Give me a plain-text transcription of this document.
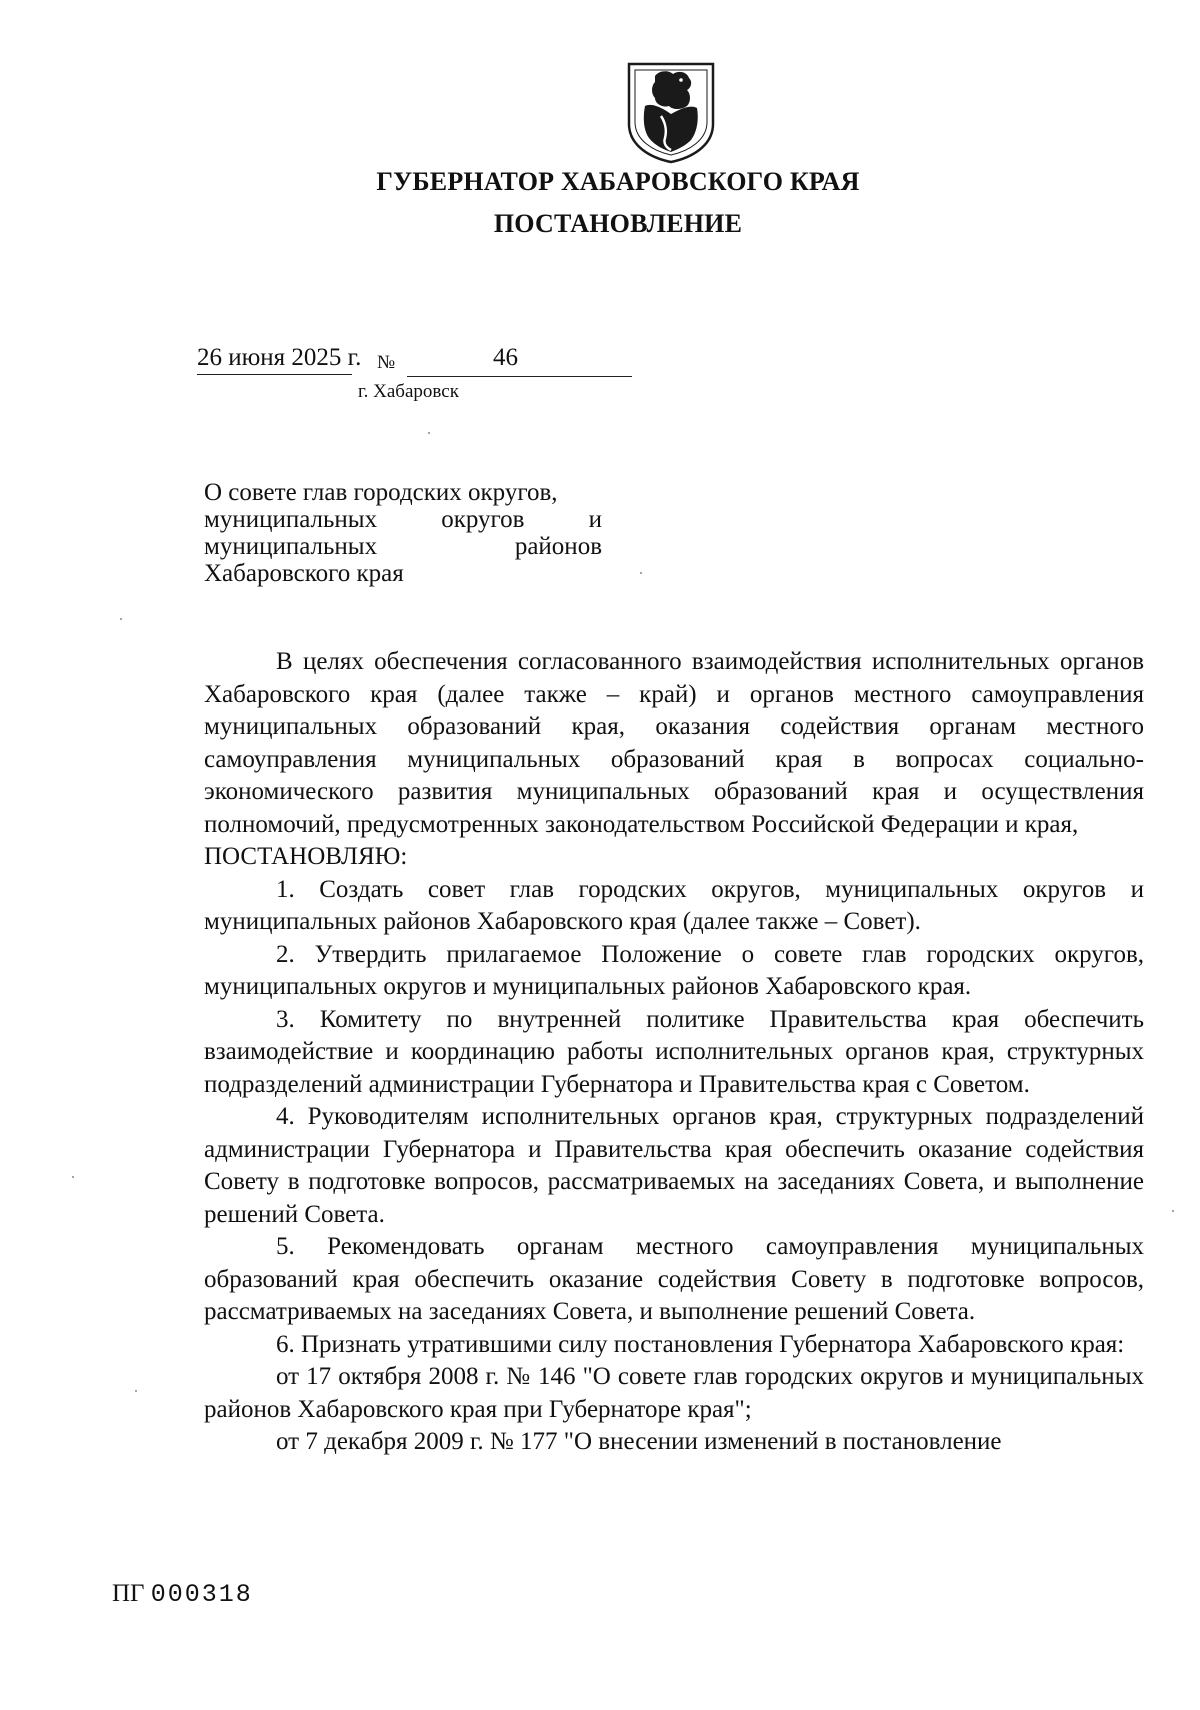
ГУБЕРНАТОР ХАБАРОВСКОГО КРАЯ
ПОСТАНОВЛЕНИЕ
26 июня 2025 г. №	46
г. Хабаровск
О совете глав городских округов,
муниципальных округов и
муниципальных районов
Хабаровского края

В целях обеспечения согласованного взаимодействия исполнительных органов Хабаровского края (далее также – край) и органов местного самоуправления муниципальных образований края, оказания содействия органам местного самоуправления муниципальных образований края в вопросах социально-экономического развития муниципальных образований края и осуществления полномочий, предусмотренных законодательством Российской Федерации и края,

ПОСТАНОВЛЯЮ:

1. Создать совет глав городских округов, муниципальных округов и муниципальных районов Хабаровского края (далее также – Совет).

2. Утвердить прилагаемое Положение о совете глав городских округов, муниципальных округов и муниципальных районов Хабаровского края.

3. Комитету по внутренней политике Правительства края обеспечить взаимодействие и координацию работы исполнительных органов края, структурных подразделений администрации Губернатора и Правительства края с Советом.

4. Руководителям исполнительных органов края, структурных подразделений администрации Губернатора и Правительства края обеспечить оказание содействия Совету в подготовке вопросов, рассматриваемых на заседаниях Совета, и выполнение решений Совета.

5. Рекомендовать органам местного самоуправления муниципальных образований края обеспечить оказание содействия Совету в подготовке вопросов, рассматриваемых на заседаниях Совета, и выполнение решений Совета.

6. Признать утратившими силу постановления Губернатора Хабаровского края:

от 17 октября 2008 г. № 146 "О совете глав городских округов и муниципальных районов Хабаровского края при Губернаторе края";

от 7 декабря 2009 г. № 177 "О внесении изменений в постановление

ПГ 000318
